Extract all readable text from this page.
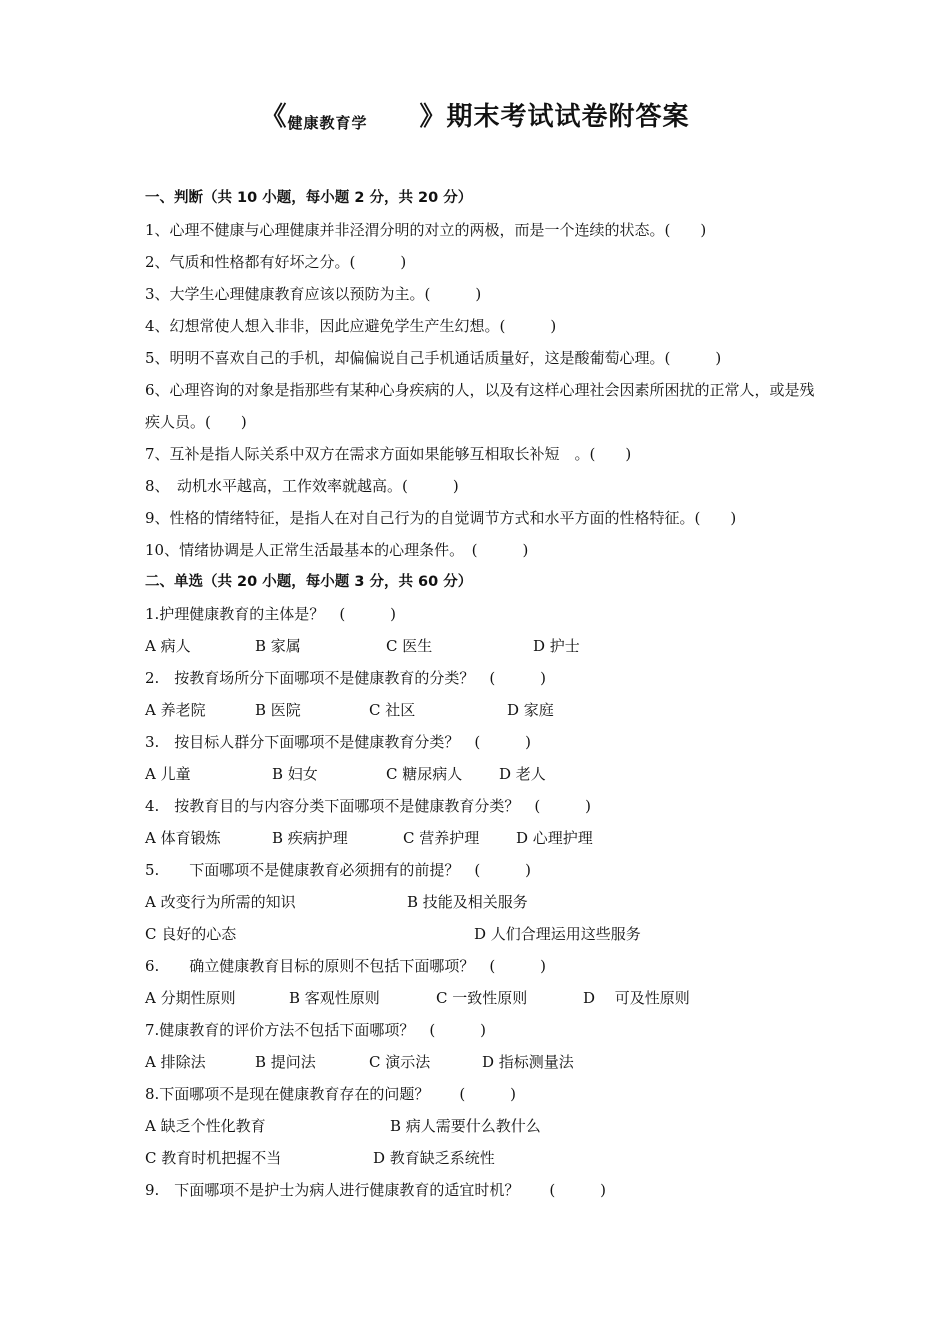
《$_{健康教育学}$ 》期末考试试卷附答案
一、判断（共 10 小题，每小题 2 分，共 20 分）
1、心理不健康与心理健康并非泾渭分明的对立的两极，而是一个连续的状态。(　　)
2、气质和性格都有好坏之分。(　　　)
3、大学生心理健康教育应该以预防为主。(　　　)
4、幻想常使人想入非非，因此应避免学生产生幻想。(　　　)
5、明明不喜欢自己的手机，却偏偏说自己手机通话质量好，这是酸葡萄心理。(　　　)
6、心理咨询的对象是指那些有某种心身疾病的人，以及有这样心理社会因素所困扰的正常人，或是残疾人员。(　　)
7、互补是指人际关系中双方在需求方面如果能够互相取长补短　。(　　)
8、　动机水平越高，工作效率就越高。(　　　)
9、性格的情绪特征，是指人在对自己行为的自觉调节方式和水平方面的性格特征。(　　)
10、情绪协调是人正常生活最基本的心理条件。　(　　　)
二、单选（共 20 小题，每小题 3 分，共 60 分）
1.护理健康教育的主体是？　(　　　)
A 病人	B 家属	C 医生	D 护士
2.　按教育场所分下面哪项不是健康教育的分类？　(　　　)
A 养老院	B 医院	C 社区	D 家庭
3.　按目标人群分下面哪项不是健康教育分类？　(　　　)
A 儿童	B 妇女	C 糖尿病人 D 老人
4.　按教育目的与内容分类下面哪项不是健康教育分类？　(　　　)
A 体育锻炼	B 疾病护理	C 营养护理 D 心理护理
5.　　下面哪项不是健康教育必须拥有的前提？　(　　　)
A 改变行为所需的知识	B 技能及相关服务
C 良好的心态	D 人们合理运用这些服务
6.　　确立健康教育目标的原则不包括下面哪项？　(　　　)
A 分期性原则	B 客观性原则	C 一致性原则	D　 可及性原则
7.健康教育的评价方法不包括下面哪项？　(　　　)
A 排除法	B 提问法	C 演示法	D 指标测量法
8.下面哪项不是现在健康教育存在的问题？　　(　　　)
A 缺乏个性化教育	B 病人需要什么教什么
C 教育时机把握不当	D 教育缺乏系统性
9.　下面哪项不是护士为病人进行健康教育的适宜时机？　　(　　　)
